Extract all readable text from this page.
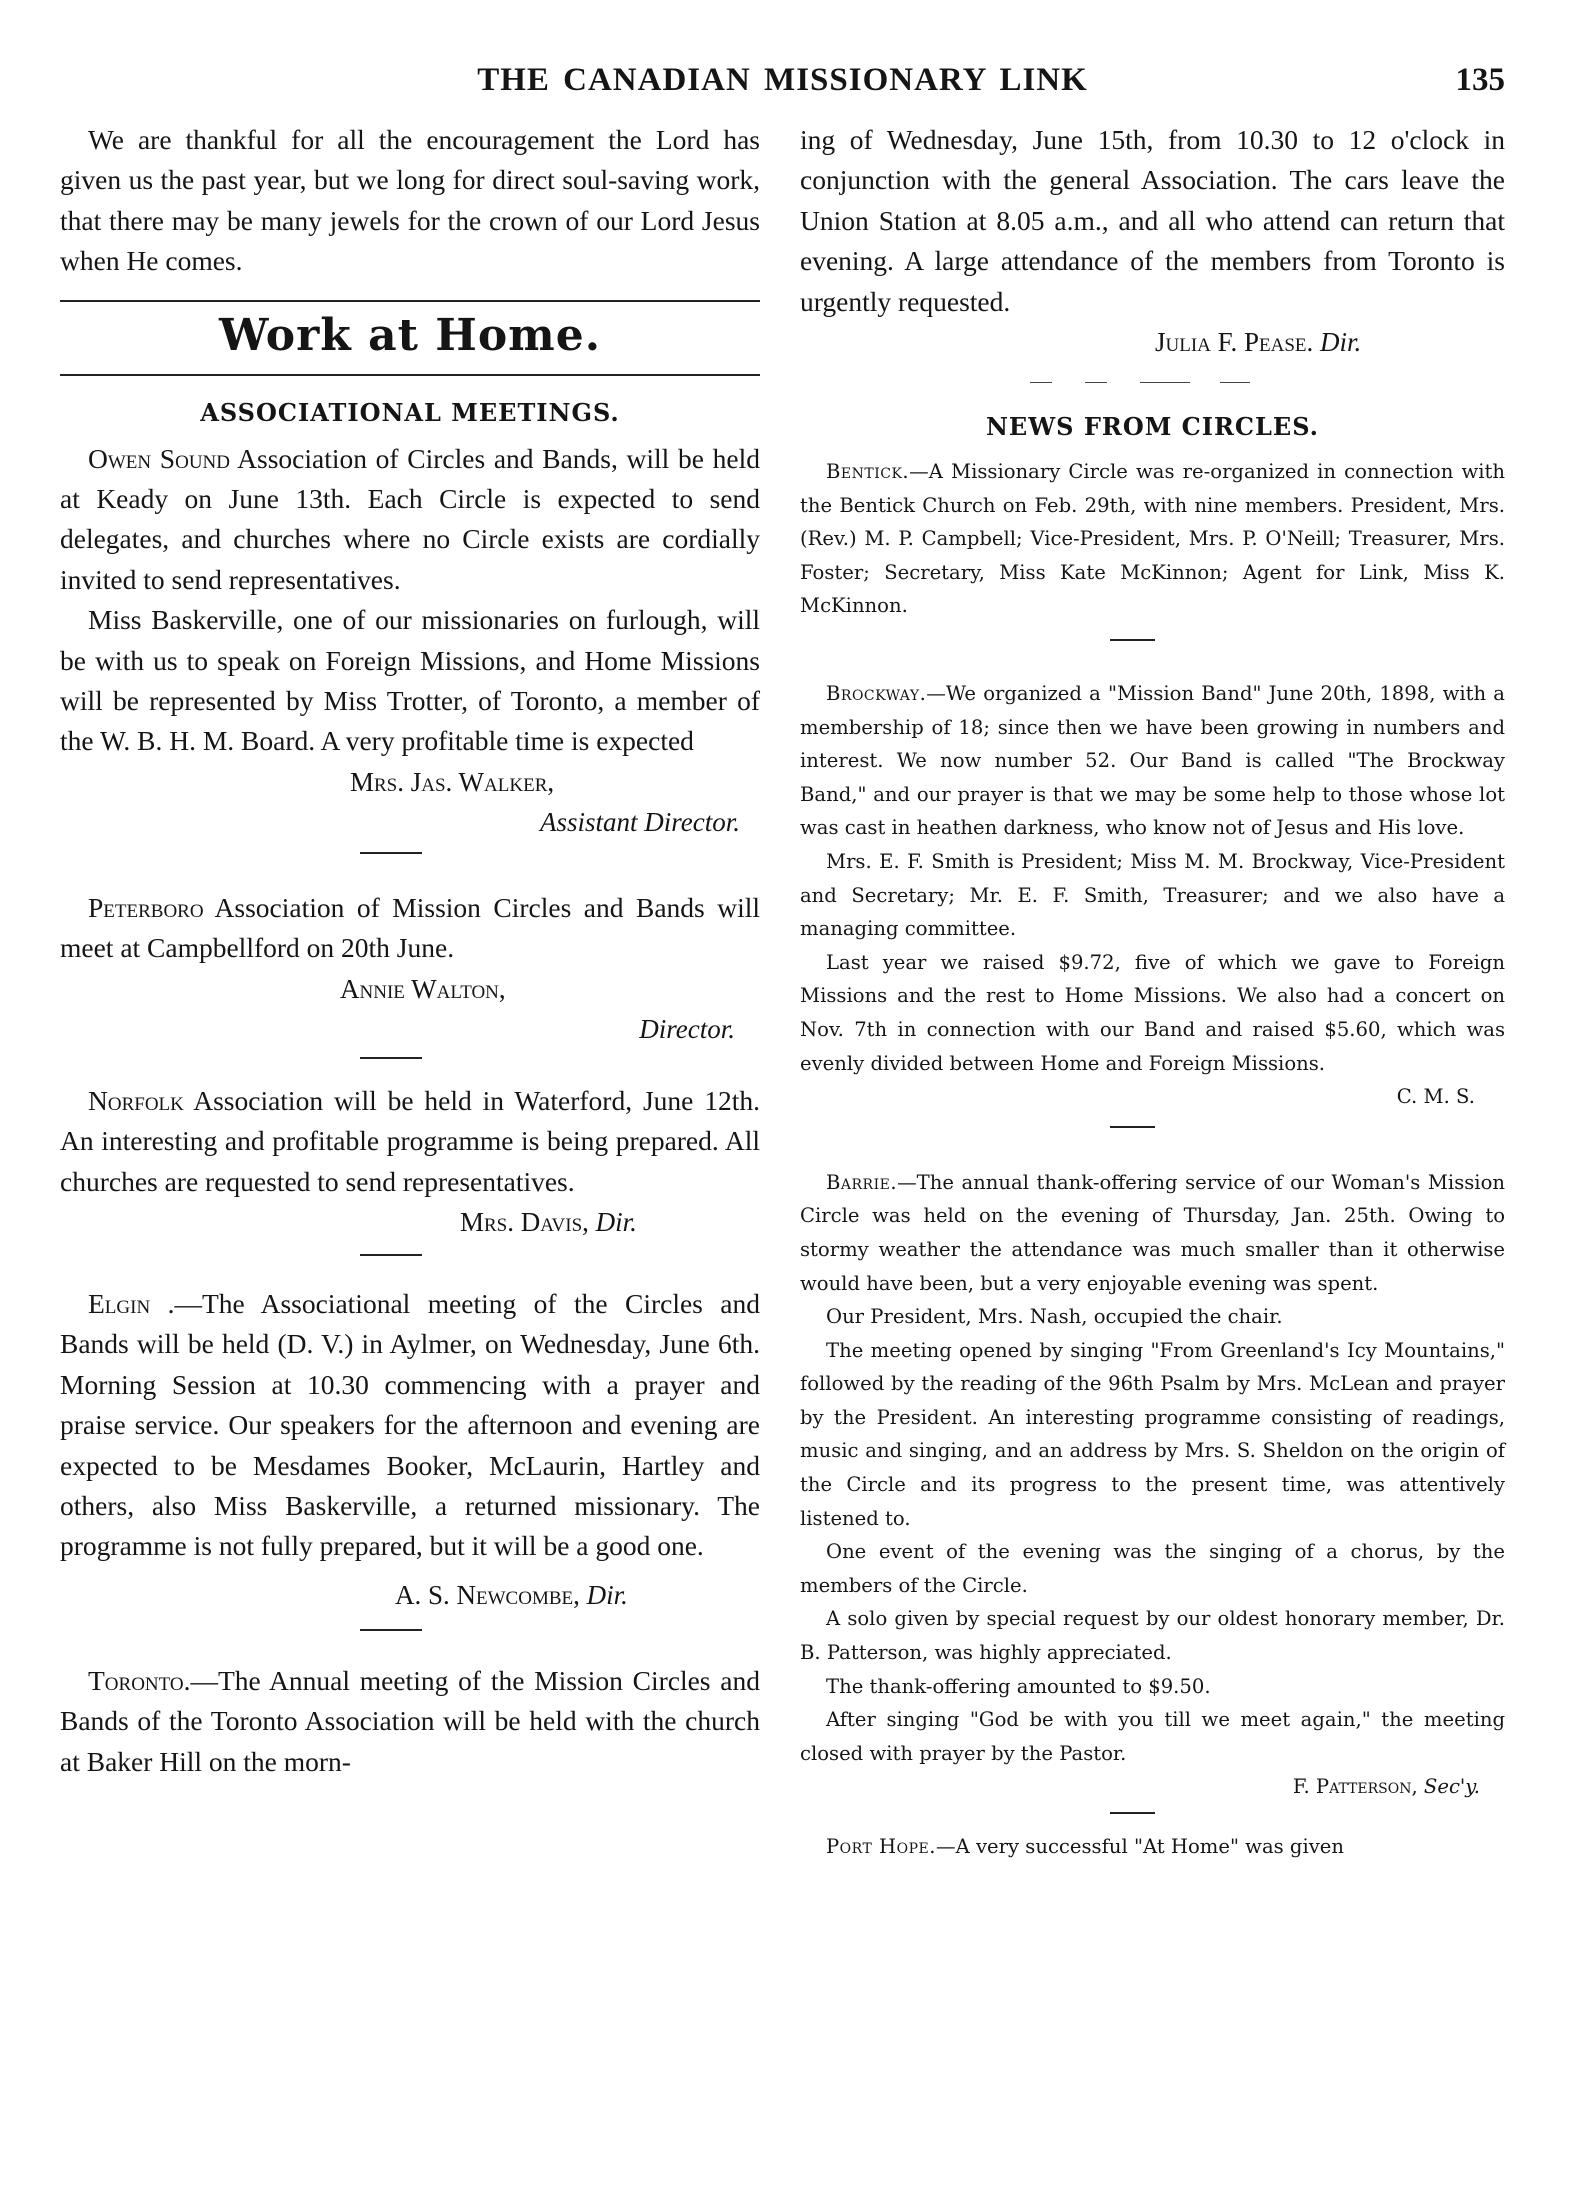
THE CANADIAN MISSIONARY LINK	135

We are thankful for all the encouragement the Lord has given us the past year, but we long for direct soul-saving work, that there may be many jewels for the crown of our Lord Jesus when He comes.

Work at Home.
ASSOCIATIONAL MEETINGS.

Owen Sound Association of Circles and Bands, will be held at Keady on June 13th. Each Circle is expected to send delegates, and churches where no Circle exists are cordially invited to send representatives.

Miss Baskerville, one of our missionaries on furlough, will be with us to speak on Foreign Missions, and Home Missions will be represented by Miss Trotter, of Toronto, a member of the W. B. H. M. Board. A very profitable time is expected

Mrs. Jas. Walker,

Assistant Director.

Peterboro Association of Mission Circles and Bands will meet at Campbellford on 20th June.

Annie Walton,

Director.

Norfolk Association will be held in Waterford, June 12th. An interesting and profitable programme is being prepared. All churches are requested to send representatives.

Mrs. Davis, Dir.

Elgin .—The Associational meeting of the Circles and Bands will be held (D. V.) in Aylmer, on Wednesday, June 6th. Morning Session at 10.30 commencing with a prayer and praise service. Our speakers for the afternoon and evening are expected to be Mesdames Booker, McLaurin, Hartley and others, also Miss Baskerville, a returned missionary. The programme is not fully prepared, but it will be a good one.

A. S. Newcombe, Dir.

Toronto.—The Annual meeting of the Mission Circles and Bands of the Toronto Association will be held with the church at Baker Hill on the morn-

ing of Wednesday, June 15th, from 10.30 to 12 o'clock in conjunction with the general Association. The cars leave the Union Station at 8.05 a.m., and all who attend can return that evening. A large attendance of the members from Toronto is urgently requested.

Julia F. Pease. Dir.

NEWS FROM CIRCLES.

Bentick.—A Missionary Circle was re-organized in connection with the Bentick Church on Feb. 29th, with nine members. President, Mrs. (Rev.) M. P. Campbell; Vice-President, Mrs. P. O'Neill; Treasurer, Mrs. Foster; Secretary, Miss Kate McKinnon; Agent for Link, Miss K. McKinnon.

Brockway.—We organized a "Mission Band" June 20th, 1898, with a membership of 18; since then we have been growing in numbers and interest. We now number 52. Our Band is called "The Brockway Band," and our prayer is that we may be some help to those whose lot was cast in heathen darkness, who know not of Jesus and His love.

Mrs. E. F. Smith is President; Miss M. M. Brockway, Vice-President and Secretary; Mr. E. F. Smith, Treasurer; and we also have a managing committee.

Last year we raised $9.72, five of which we gave to Foreign Missions and the rest to Home Missions. We also had a concert on Nov. 7th in connection with our Band and raised $5.60, which was evenly divided between Home and Foreign Missions.

C. M. S.

Barrie.—The annual thank-offering service of our Woman's Mission Circle was held on the evening of Thursday, Jan. 25th. Owing to stormy weather the attendance was much smaller than it otherwise would have been, but a very enjoyable evening was spent.

Our President, Mrs. Nash, occupied the chair.

The meeting opened by singing "From Greenland's Icy Mountains," followed by the reading of the 96th Psalm by Mrs. McLean and prayer by the President. An interesting programme consisting of readings, music and singing, and an address by Mrs. S. Sheldon on the origin of the Circle and its progress to the present time, was attentively listened to.

One event of the evening was the singing of a chorus, by the members of the Circle.

A solo given by special request by our oldest honorary member, Dr. B. Patterson, was highly appreciated.

The thank-offering amounted to $9.50.

After singing "God be with you till we meet again," the meeting closed with prayer by the Pastor.

F. Patterson, Sec'y.

Port Hope.—A very successful "At Home" was given
